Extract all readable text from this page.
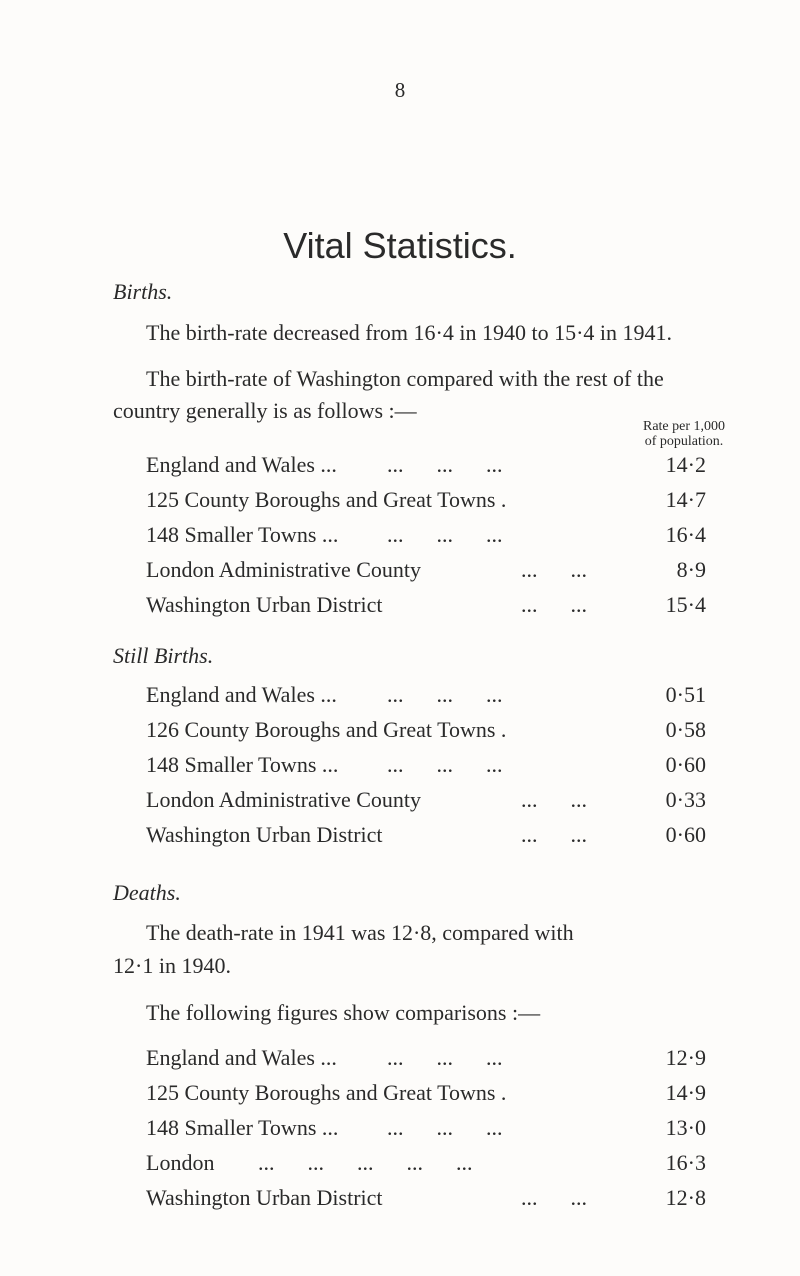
8
Vital Statistics.
Births.
The birth-rate decreased from 16·4 in 1940 to 15·4 in 1941.
The birth-rate of Washington compared with the rest of the
country generally is as follows :—
Rate per 1,000
of population.
England and Wales ... ...      ...      ...	14·2
125 County Boroughs and Great Towns .	14·7
148 Smaller Towns ... ...      ...      ...	16·4
London Administrative County	...      ...	8·9
Washington Urban District	...      ...	15·4
Still Births.
England and Wales ... ...      ...      ...	0·51
126 County Boroughs and Great Towns .	0·58
148 Smaller Towns ... ...      ...      ...	0·60
London Administrative County	...      ...	0·33
Washington Urban District	...      ...	0·60
Deaths.
The death-rate in 1941 was 12·8, compared with
12·1 in 1940.
The following figures show comparisons :—
England and Wales ... ...      ...      ...	12·9
125 County Boroughs and Great Towns .	14·9
148 Smaller Towns ... ...      ...      ...	13·0
London ...      ...      ...      ...      ...	16·3
Washington Urban District	...      ...	12·8
